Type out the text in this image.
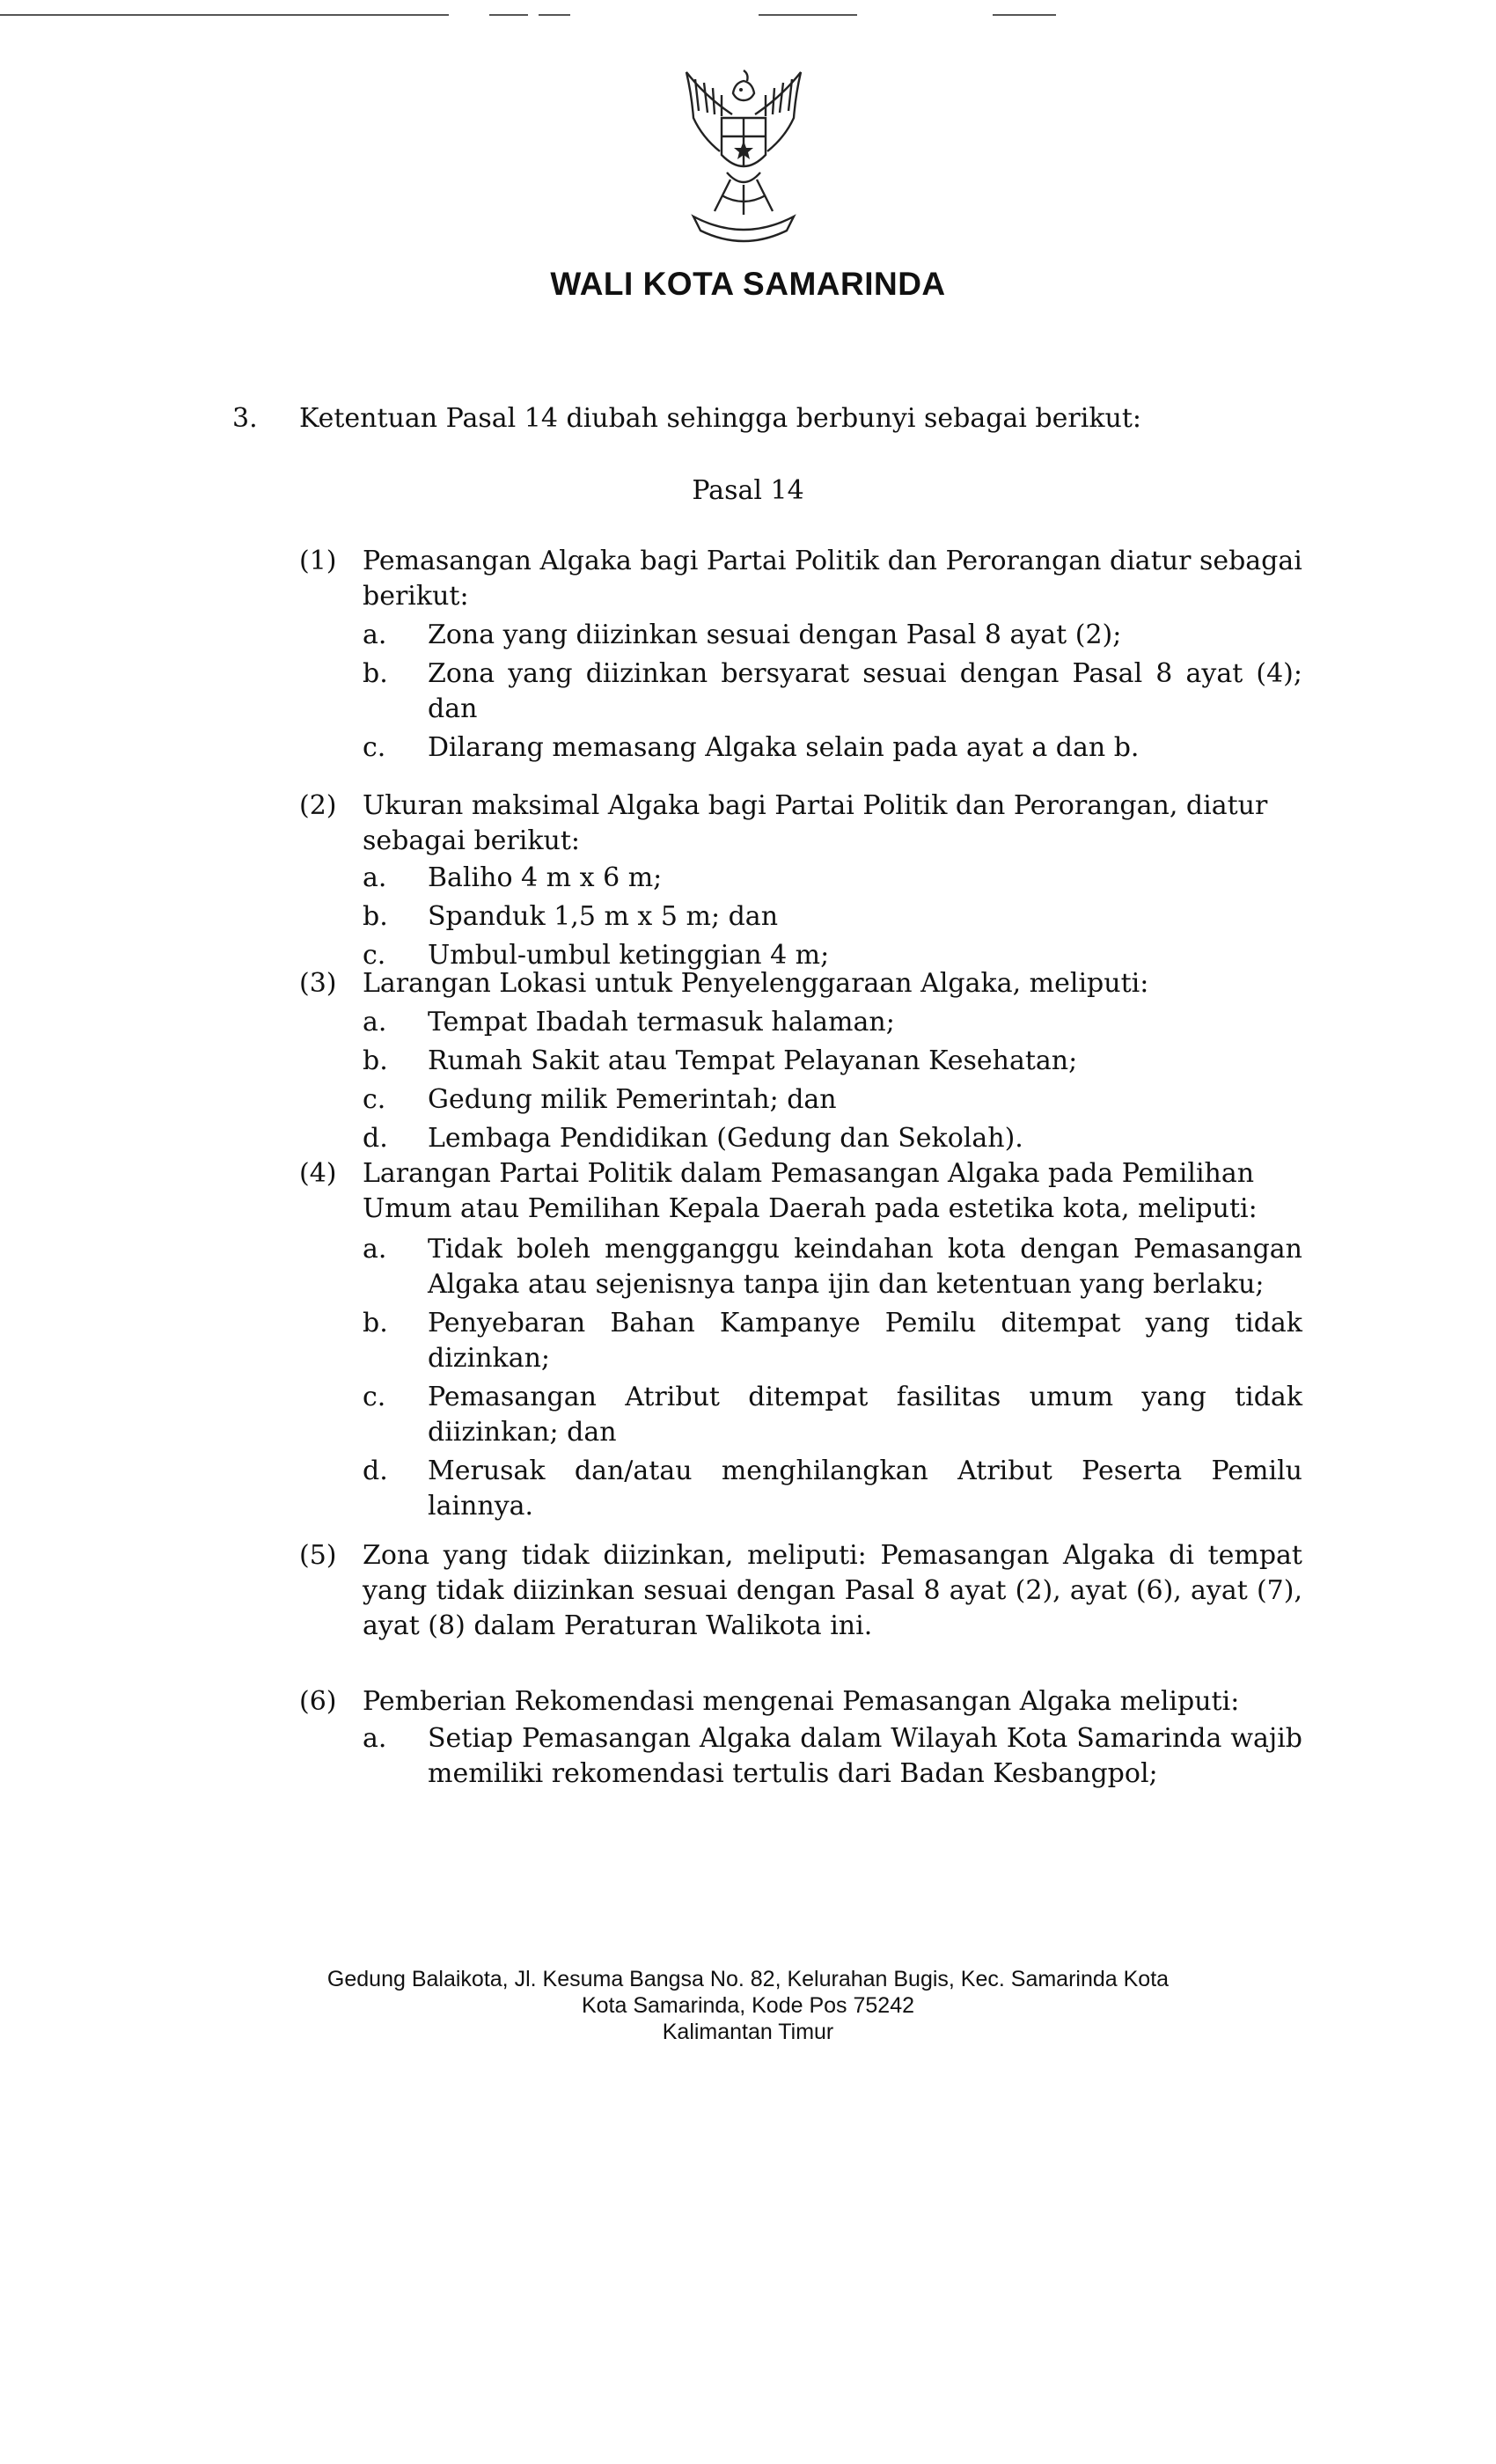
WALI KOTA SAMARINDA
3.	Ketentuan Pasal 14 diubah sehingga berbunyi sebagai berikut:
Pasal 14
(1) Pemasangan Algaka bagi Partai Politik dan Perorangan diatur sebagai berikut:
a. Zona yang diizinkan sesuai dengan Pasal 8 ayat (2);
b. Zona yang diizinkan bersyarat sesuai dengan Pasal 8 ayat (4); dan
c. Dilarang memasang Algaka selain pada ayat a dan b.
(2) Ukuran maksimal Algaka bagi Partai Politik dan Perorangan, diatur sebagai berikut:
a. Baliho 4 m x 6 m;
b. Spanduk 1,5 m x 5 m; dan
c. Umbul-umbul ketinggian 4 m;
(3) Larangan Lokasi untuk Penyelenggaraan Algaka, meliputi:
a. Tempat Ibadah termasuk halaman;
b. Rumah Sakit atau Tempat Pelayanan Kesehatan;
c. Gedung milik Pemerintah; dan
d. Lembaga Pendidikan (Gedung dan Sekolah).
(4) Larangan Partai Politik dalam Pemasangan Algaka pada Pemilihan Umum atau Pemilihan Kepala Daerah pada estetika kota, meliputi:
a. Tidak boleh mengganggu keindahan kota dengan Pemasangan Algaka atau sejenisnya tanpa ijin dan ketentuan yang berlaku;
b. Penyebaran Bahan Kampanye Pemilu ditempat yang tidak dizinkan;
c. Pemasangan Atribut ditempat fasilitas umum yang tidak diizinkan; dan
d. Merusak dan/atau menghilangkan Atribut Peserta Pemilu lainnya.
(5) Zona yang tidak diizinkan, meliputi: Pemasangan Algaka di tempat yang tidak diizinkan sesuai dengan Pasal 8 ayat (2), ayat (6), ayat (7), ayat (8) dalam Peraturan Walikota ini.
(6) Pemberian Rekomendasi mengenai Pemasangan Algaka meliputi:
a. Setiap Pemasangan Algaka dalam Wilayah Kota Samarinda wajib memiliki rekomendasi tertulis dari Badan Kesbangpol;
Gedung Balaikota, Jl. Kesuma Bangsa No. 82, Kelurahan Bugis, Kec. Samarinda Kota
Kota Samarinda, Kode Pos 75242
Kalimantan Timur
